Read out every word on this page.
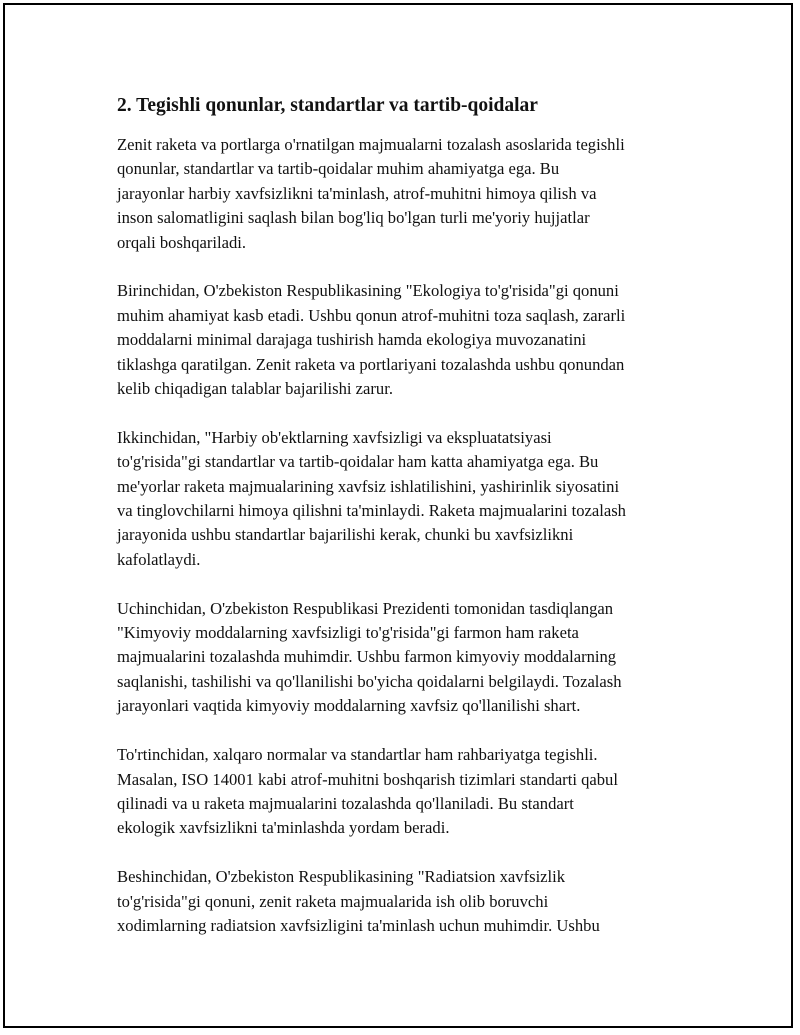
2. Tegishli qonunlar, standartlar va tartib-qoidalar

Zenit raketa va portlarga o'rnatilgan majmualarni tozalash asoslarida tegishli
qonunlar, standartlar va tartib-qoidalar muhim ahamiyatga ega. Bu
jarayonlar harbiy xavfsizlikni ta'minlash, atrof-muhitni himoya qilish va
inson salomatligini saqlash bilan bog'liq bo'lgan turli me'yoriy hujjatlar
orqali boshqariladi.

Birinchidan, O'zbekiston Respublikasining "Ekologiya to'g'risida"gi qonuni
muhim ahamiyat kasb etadi. Ushbu qonun atrof-muhitni toza saqlash, zararli
moddalarni minimal darajaga tushirish hamda ekologiya muvozanatini
tiklashga qaratilgan. Zenit raketa va portlariyani tozalashda ushbu qonundan
kelib chiqadigan talablar bajarilishi zarur.

Ikkinchidan, "Harbiy ob'ektlarning xavfsizligi va ekspluatatsiyasi
to'g'risida"gi standartlar va tartib-qoidalar ham katta ahamiyatga ega. Bu
me'yorlar raketa majmualarining xavfsiz ishlatilishini, yashirinlik siyosatini
va tinglovchilarni himoya qilishni ta'minlaydi. Raketa majmualarini tozalash
jarayonida ushbu standartlar bajarilishi kerak, chunki bu xavfsizlikni
kafolatlaydi.

Uchinchidan, O'zbekiston Respublikasi Prezidenti tomonidan tasdiqlangan
"Kimyoviy moddalarning xavfsizligi to'g'risida"gi farmon ham raketa
majmualarini tozalashda muhimdir. Ushbu farmon kimyoviy moddalarning
saqlanishi, tashilishi va qo'llanilishi bo'yicha qoidalarni belgilaydi. Tozalash
jarayonlari vaqtida kimyoviy moddalarning xavfsiz qo'llanilishi shart.

To'rtinchidan, xalqaro normalar va standartlar ham rahbariyatga tegishli.
Masalan, ISO 14001 kabi atrof-muhitni boshqarish tizimlari standarti qabul
qilinadi va u raketa majmualarini tozalashda qo'llaniladi. Bu standart
ekologik xavfsizlikni ta'minlashda yordam beradi.

Beshinchidan, O'zbekiston Respublikasining "Radiatsion xavfsizlik
to'g'risida"gi qonuni, zenit raketa majmualarida ish olib boruvchi
xodimlarning radiatsion xavfsizligini ta'minlash uchun muhimdir. Ushbu
